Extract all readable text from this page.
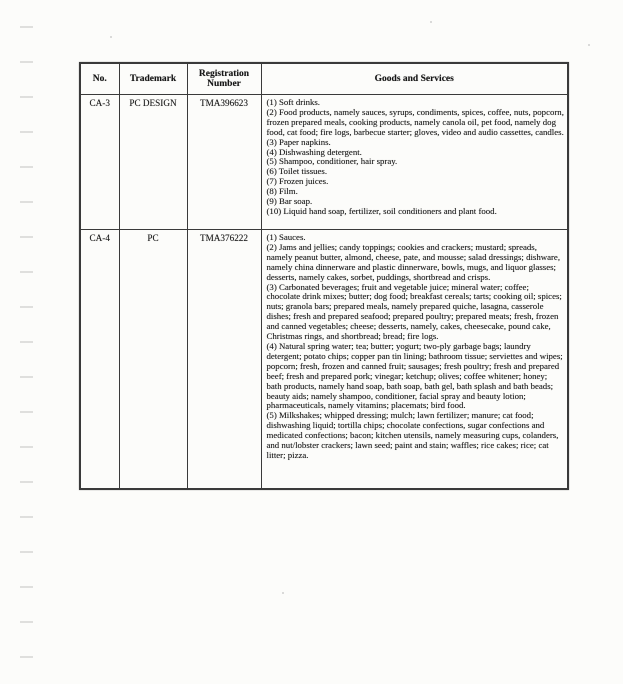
No.	Trademark	Registration Number	Goods and Services
CA-3	PC DESIGN	TMA396623	(1) Soft drinks.
(2) Food products, namely sauces, syrups, condiments, spices, coffee, nuts, popcorn, frozen prepared meals, cooking products, namely canola oil, pet food, namely dog food, cat food; fire logs, barbecue starter; gloves, video and audio cassettes, candles.
(3) Paper napkins.
(4) Dishwashing detergent.
(5) Shampoo, conditioner, hair spray.
(6) Toilet tissues.
(7) Frozen juices.
(8) Film.
(9) Bar soap.
(10) Liquid hand soap, fertilizer, soil conditioners and plant food.

CA-4	PC	TMA376222	(1) Sauces.
(2) Jams and jellies; candy toppings; cookies and crackers; mustard; spreads, namely peanut butter, almond, cheese, pate, and mousse; salad dressings; dishware, namely china dinnerware and plastic dinnerware, bowls, mugs, and liquor glasses; desserts, namely cakes, sorbet, puddings, shortbread and crisps.
(3) Carbonated beverages; fruit and vegetable juice; mineral water; coffee; chocolate drink mixes; butter; dog food; breakfast cereals; tarts; cooking oil; spices; nuts; granola bars; prepared meals, namely prepared quiche, lasagna, casserole dishes; fresh and prepared seafood; prepared poultry; prepared meats; fresh, frozen and canned vegetables; cheese; desserts, namely, cakes, cheesecake, pound cake, Christmas rings, and shortbread; bread; fire logs.
(4) Natural spring water; tea; butter; yogurt; two-ply garbage bags; laundry detergent; potato chips; copper pan tin lining; bathroom tissue; serviettes and wipes; popcorn; fresh, frozen and canned fruit; sausages; fresh poultry; fresh and prepared beef; fresh and prepared pork; vinegar; ketchup; olives; coffee whitener; honey; bath products, namely hand soap, bath soap, bath gel, bath splash and bath beads; beauty aids; namely shampoo, conditioner, facial spray and beauty lotion; pharmaceuticals, namely vitamins; placemats; bird food.
(5) Milkshakes; whipped dressing; mulch; lawn fertilizer; manure; cat food; dishwashing liquid; tortilla chips; chocolate confections, sugar confections and medicated confections; bacon; kitchen utensils, namely measuring cups, colanders, and nut/lobster crackers; lawn seed; paint and stain; waffles; rice cakes; rice; cat litter; pizza.
